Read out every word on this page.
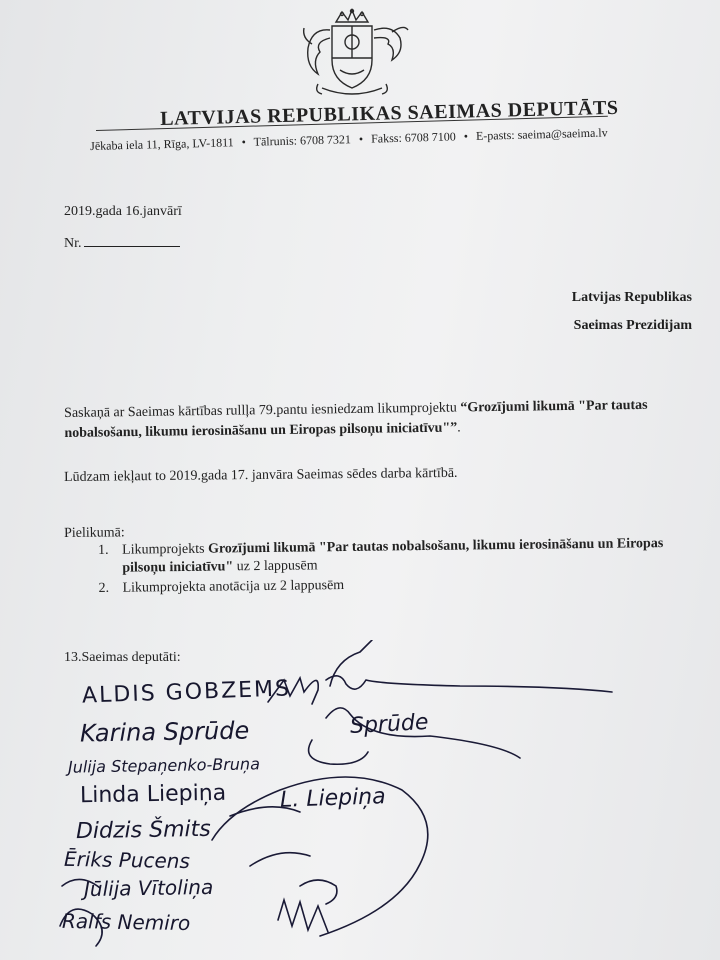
LATVIJAS REPUBLIKAS SAEIMAS DEPUTĀTS
Jēkaba iela 11, Rīga, LV-1811 • Tālrunis: 6708 7321 • Fakss: 6708 7100 • E-pasts: saeima@saeima.lv
2019.gada 16.janvārī
Nr.
Latvijas Republikas
Saeimas Prezidijam
Saskaņā ar Saeimas kārtības rullļa 79.pantu iesniedzam likumprojektu “Grozījumi likumā "Par tautas nobalsošanu, likumu ierosināšanu un Eiropas pilsoņu iniciatīvu"”.
Lūdzam iekļaut to 2019.gada 17. janvāra Saeimas sēdes darba kārtībā.
Pielikumā:
1. Likumprojekts Grozījumi likumā "Par tautas nobalsošanu, likumu ierosināšanu un Eiropas pilsoņu iniciatīvu" uz 2 lappusēm
2. Likumprojekta anotācija uz 2 lappusēm
13.Saeimas deputāti:
ALDIS GOBZEMS
Karina Sprūde	Sprūde
Julija Stepaņenko-Bruņa
Linda Liepiņa L. Liepiņa
Didzis Šmits
Ēriks Pucens
Jūlija Vītoliņa
Ralfs Nemiro
